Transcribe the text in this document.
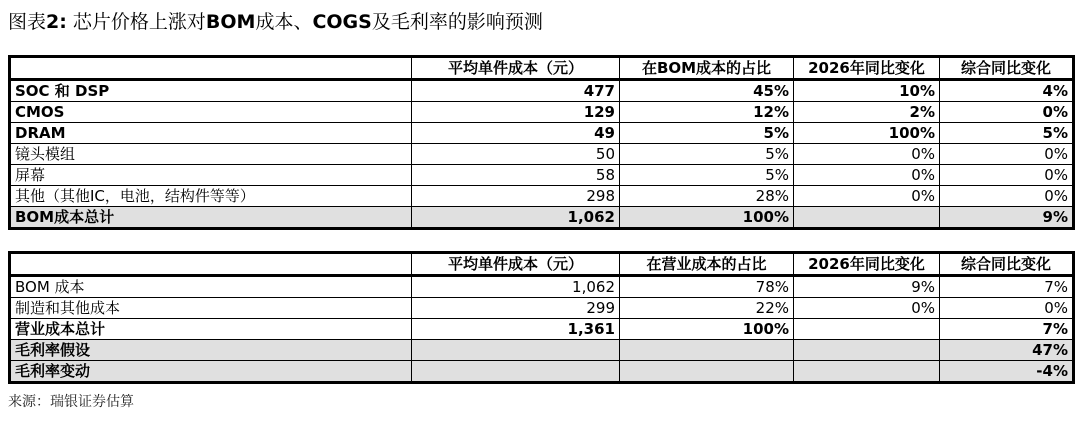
图表2: 芯片价格上涨对BOM成本、COGS及毛利率的影响预测
	平均单件成本（元）	在BOM成本的占比	2026年同比变化	综合同比变化
SOC 和 DSP	477	45%	10%	4%
CMOS	129	12%	2%	0%
DRAM	49	5%	100%	5%
镜头模组	50	5%	0%	0%
屏幕	58	5%	0%	0%
其他（其他IC，电池，结构件等等）	298	28%	0%	0%
BOM成本总计	1,062	100%		9%
	平均单件成本（元）	在营业成本的占比	2026年同比变化	综合同比变化
BOM 成本	1,062	78%	9%	7%
制造和其他成本	299	22%	0%	0%
营业成本总计	1,361	100%		7%
毛利率假设				47%
毛利率变动				-4%
来源：瑞银证券估算
